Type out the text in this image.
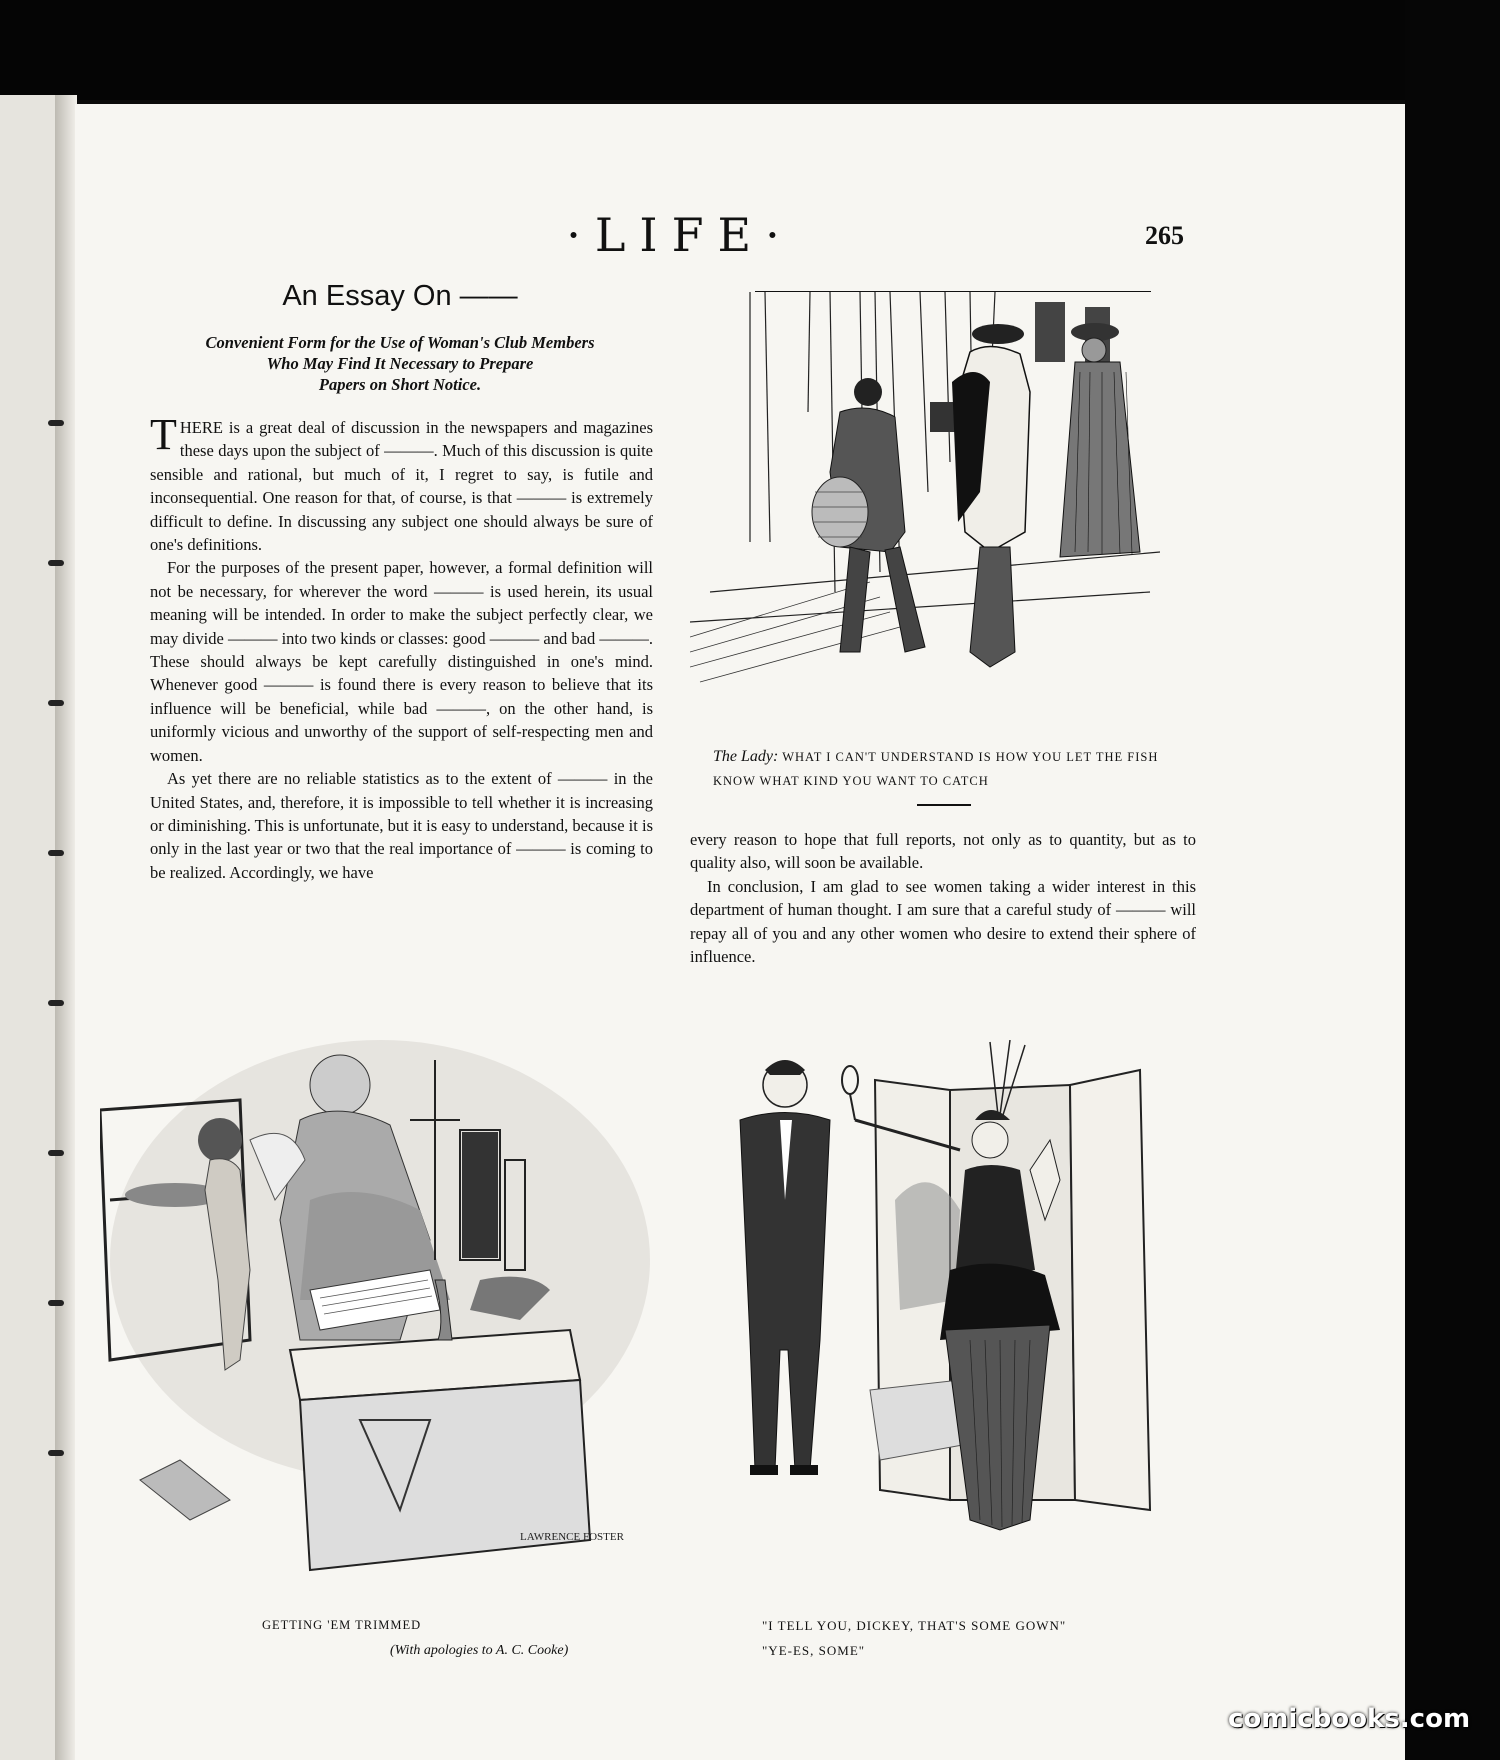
·LIFE·	265
An Essay On ——
Convenient Form for the Use of Woman's Club Members
Who May Find It Necessary to Prepare
Papers on Short Notice.

THERE is a great deal of discussion in the newspapers and magazines these days upon the subject of ———. Much of this discussion is quite sensible and rational, but much of it, I regret to say, is futile and inconsequential. One reason for that, of course, is that ——— is extremely difficult to define. In discussing any subject one should always be sure of one's definitions.

For the purposes of the present paper, however, a formal definition will not be necessary, for wherever the word ——— is used herein, its usual meaning will be intended. In order to make the subject perfectly clear, we may divide ——— into two kinds or classes: good ——— and bad ———. These should always be kept carefully distinguished in one's mind. Whenever good ——— is found there is every reason to believe that its influence will be beneficial, while bad ———, on the other hand, is uniformly vicious and unworthy of the support of self-respecting men and women.

As yet there are no reliable statistics as to the extent of ——— in the United States, and, therefore, it is impossible to tell whether it is increasing or diminishing. This is unfortunate, but it is easy to understand, because it is only in the last year or two that the real importance of ——— is coming to be realized. Accordingly, we have

The Lady: WHAT I CAN'T UNDERSTAND IS HOW YOU LET THE FISH KNOW WHAT KIND YOU WANT TO CATCH

every reason to hope that full reports, not only as to quantity, but as to quality also, will soon be available.

In conclusion, I am glad to see women taking a wider interest in this department of human thought. I am sure that a careful study of ——— will repay all of you and any other women who desire to extend their sphere of influence.

LAWRENCE FOSTER
GETTING 'EM TRIMMED
(With apologies to A. C. Cooke)
"I TELL YOU, DICKEY, THAT'S SOME GOWN"
"YE-ES, SOME"
comicbooks.com
